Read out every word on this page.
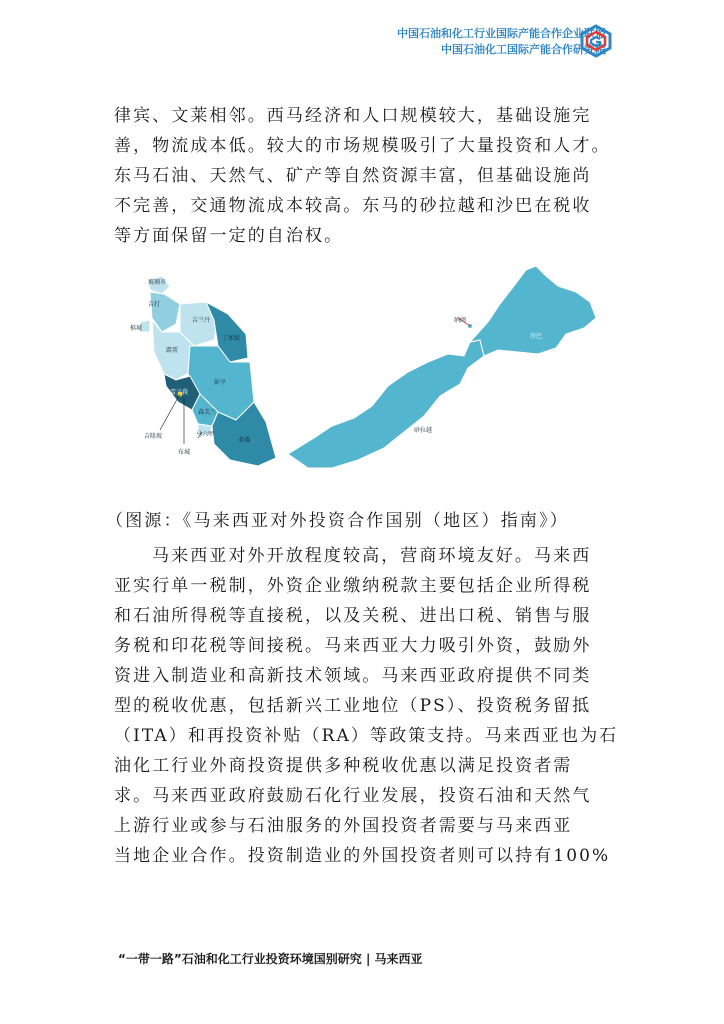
中国石油和化工行业国际产能合作企业联盟
中国石油化工国际产能合作研究院
律宾、文莱相邻。西马经济和人口规模较大，基础设施完
善，物流成本低。较大的市场规模吸引了大量投资和人才。
东马石油、天然气、矿产等自然资源丰富，但基础设施尚
不完善，交通物流成本较高。东马的砂拉越和沙巴在税收
等方面保留一定的自治权。
玻璃市
吉打
槟城
吉兰丹
丁加奴
霹雳
彭亨
雪兰莪
森美兰
吉隆坡	马六甲
布城
柔佛
砂拉越
沙巴
纳闽

（图源：《马来西亚对外投资合作国别（地区）指南》）

马来西亚对外开放程度较高，营商环境友好。马来西
亚实行单一税制，外资企业缴纳税款主要包括企业所得税
和石油所得税等直接税，以及关税、进出口税、销售与服
务税和印花税等间接税。马来西亚大力吸引外资，鼓励外
资进入制造业和高新技术领域。马来西亚政府提供不同类
型的税收优惠，包括新兴工业地位（PS）、投资税务留抵
（ITA）和再投资补贴（RA）等政策支持。马来西亚也为石
油化工行业外商投资提供多种税收优惠以满足投资者需
求。马来西亚政府鼓励石化行业发展，投资石油和天然气
上游行业或参与石油服务的外国投资者需要与马来西亚
当地企业合作。投资制造业的外国投资者则可以持有100%
“一带一路”石油和化工行业投资环境国别研究 | 马来西亚
